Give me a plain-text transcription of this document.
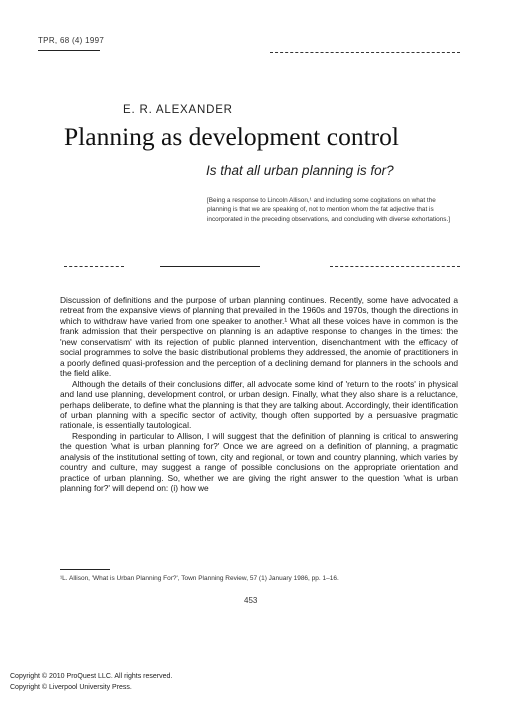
TPR, 68 (4) 1997
E. R. ALEXANDER
Planning as development control
Is that all urban planning is for?

[Being a response to Lincoln Allison,¹ and including some cogitations on what the planning is that we are speaking of, not to mention whom the fat adjective that is incorporated in the preceding observations, and concluding with diverse exhortations.]

Discussion of definitions and the purpose of urban planning continues. Recently, some have advocated a retreat from the expansive views of planning that prevailed in the 1960s and 1970s, though the directions in which to withdraw have varied from one speaker to another.¹ What all these voices have in common is the frank admission that their perspective on planning is an adaptive response to changes in the times: the 'new conservatism' with its rejection of public planned intervention, disenchantment with the efficacy of social programmes to solve the basic distributional problems they addressed, the anomie of practitioners in a poorly defined quasi-profession and the perception of a declining demand for planners in the schools and the field alike.

Although the details of their conclusions differ, all advocate some kind of 'return to the roots' in physical and land use planning, development control, or urban design. Finally, what they also share is a reluctance, perhaps deliberate, to define what the planning is that they are talking about. Accordingly, their identification of urban planning with a specific sector of activity, though often supported by a persuasive pragmatic rationale, is essentially tautological.

Responding in particular to Allison, I will suggest that the definition of planning is critical to answering the question 'what is urban planning for?' Once we are agreed on a definition of planning, a pragmatic analysis of the institutional setting of town, city and regional, or town and country planning, which varies by country and culture, may suggest a range of possible conclusions on the appropriate orientation and practice of urban planning. So, whether we are giving the right answer to the question 'what is urban planning for?' will depend on: (i) how we

¹L. Allison, 'What is Urban Planning For?', Town Planning Review, 57 (1) January 1986, pp. 1–16.
453
Copyright © 2010 ProQuest LLC. All rights reserved.
Copyright © Liverpool University Press.
